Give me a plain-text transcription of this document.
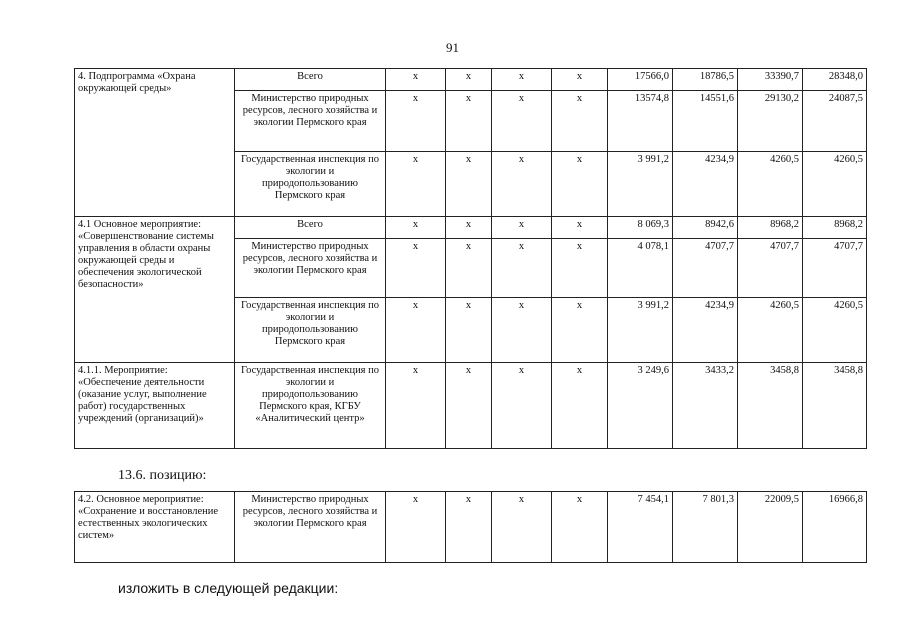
91
4. Подпрограмма «Охрана окружающей среды»	Всего	х	х	х	х	17566,0	18786,5	33390,7	28348,0
	Министерство природных ресурсов, лесного хозяйства и экологии Пермского края	х	х	х	х	13574,8	14551,6	29130,2	24087,5
	Государственная инспекция по экологии и природопользованию Пермского края	х	х	х	х	3 991,2	4234,9	4260,5	4260,5
4.1 Основное мероприятие: «Совершенствование системы управления в области охраны окружающей среды и обеспечения экологической безопасности»	Всего	х	х	х	х	8 069,3	8942,6	8968,2	8968,2
	Министерство природных ресурсов, лесного хозяйства и экологии Пермского края	х	х	х	х	4 078,1	4707,7	4707,7	4707,7
	Государственная инспекция по экологии и природопользованию Пермского края	х	х	х	х	3 991,2	4234,9	4260,5	4260,5
4.1.1. Мероприятие: «Обеспечение деятельности (оказание услуг, выполнение работ) государственных учреждений (организаций)»	Государственная инспекция по экологии и природопользованию Пермского края, КГБУ «Аналитический центр»	х	х	х	х	3 249,6	3433,2	3458,8	3458,8
13.6. позицию:
4.2. Основное мероприятие: «Сохранение и восстановление естественных экологических систем»	Министерство природных ресурсов, лесного хозяйства и экологии Пермского края	х	х	х	х	7 454,1	7 801,3	22009,5	16966,8
изложить в следующей редакции:
